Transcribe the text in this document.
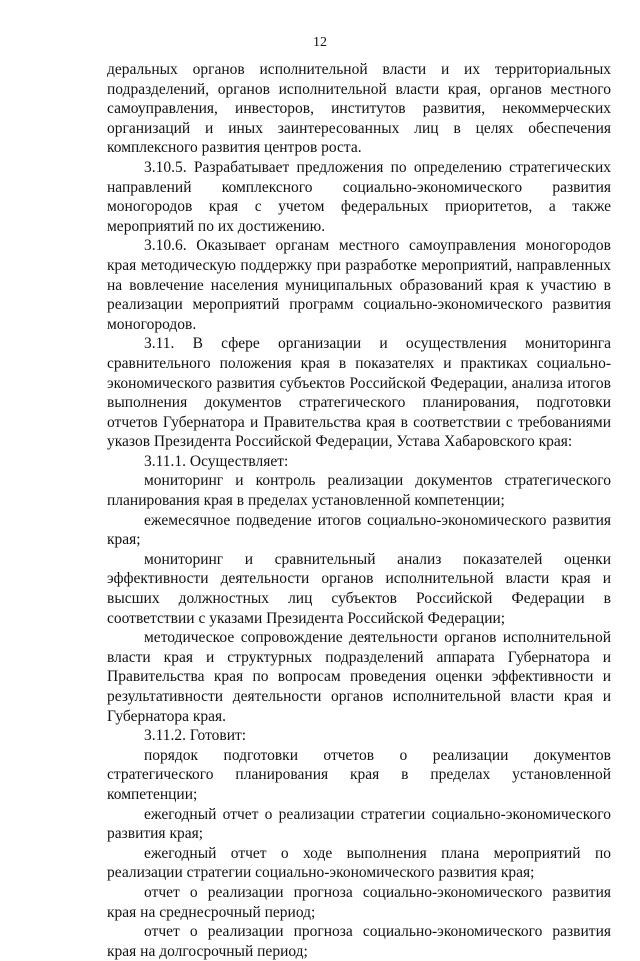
12

деральных органов исполнительной власти и их территориальных подразделений, органов исполнительной власти края, органов местного самоуправления, инвесторов, институтов развития, некоммерческих организаций и иных заинтересованных лиц в целях обеспечения комплексного развития центров роста.

3.10.5. Разрабатывает предложения по определению стратегических направлений комплексного социально-экономического развития моногородов края с учетом федеральных приоритетов, а также мероприятий по их достижению.

3.10.6. Оказывает органам местного самоуправления моногородов края методическую поддержку при разработке мероприятий, направленных на вовлечение населения муниципальных образований края к участию в реализации мероприятий программ социально-экономического развития моногородов.

3.11. В сфере организации и осуществления мониторинга сравнительного положения края в показателях и практиках социально-экономического развития субъектов Российской Федерации, анализа итогов выполнения документов стратегического планирования, подготовки отчетов Губернатора и Правительства края в соответствии с требованиями указов Президента Российской Федерации, Устава Хабаровского края:

3.11.1. Осуществляет:

мониторинг и контроль реализации документов стратегического планирования края в пределах установленной компетенции;

ежемесячное подведение итогов социально-экономического развития края;

мониторинг и сравнительный анализ показателей оценки эффективности деятельности органов исполнительной власти края и высших должностных лиц субъектов Российской Федерации в соответствии с указами Президента Российской Федерации;

методическое сопровождение деятельности органов исполнительной власти края и структурных подразделений аппарата Губернатора и Правительства края по вопросам проведения оценки эффективности и результативности деятельности органов исполнительной власти края и Губернатора края.

3.11.2. Готовит:

порядок подготовки отчетов о реализации документов стратегического планирования края в пределах установленной компетенции;

ежегодный отчет о реализации стратегии социально-экономического развития края;

ежегодный отчет о ходе выполнения плана мероприятий по реализации стратегии социально-экономического развития края;

отчет о реализации прогноза социально-экономического развития края на среднесрочный период;

отчет о реализации прогноза социально-экономического развития края на долгосрочный период;
